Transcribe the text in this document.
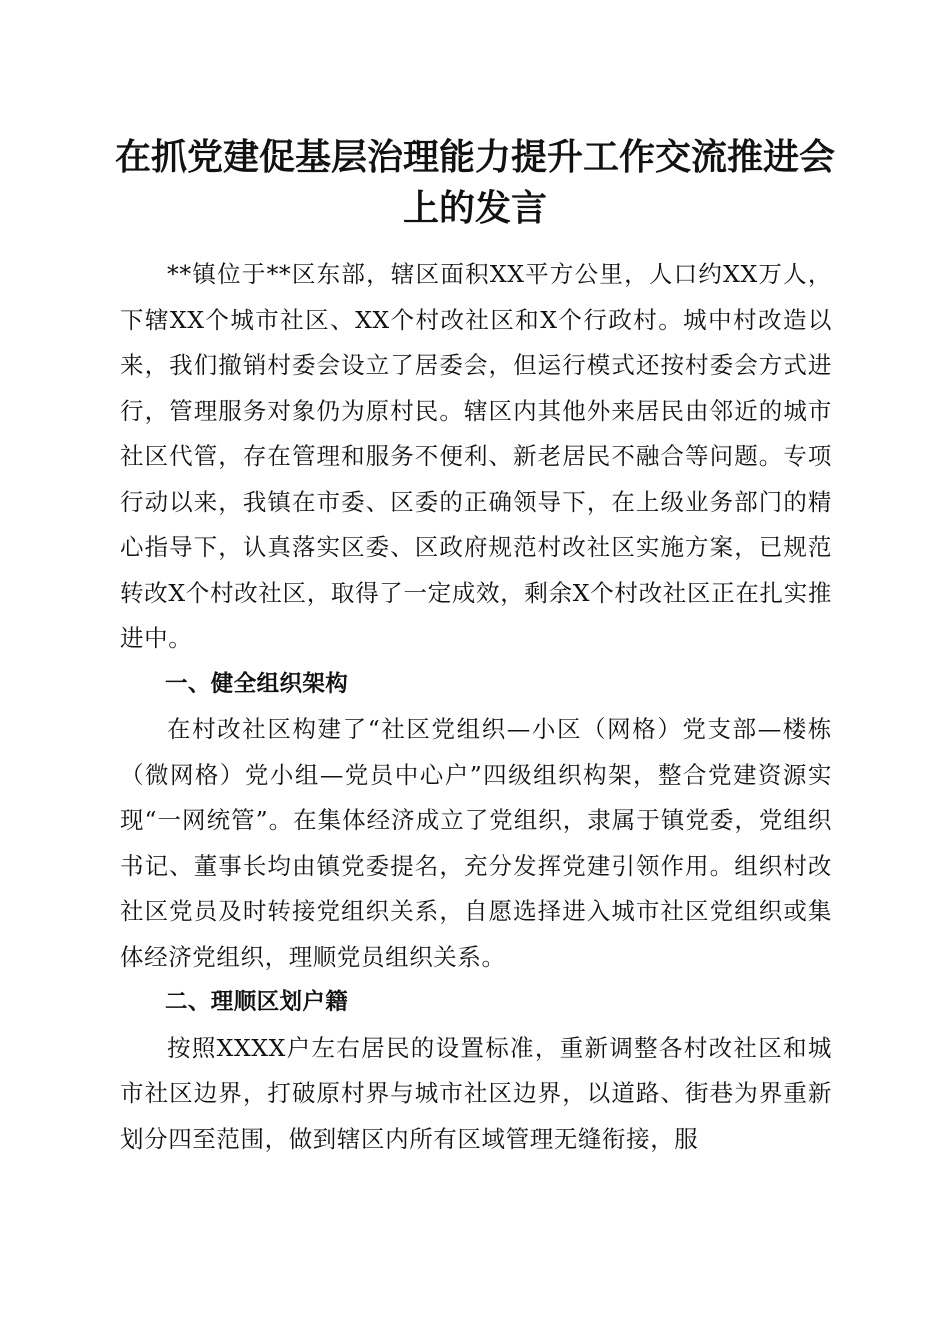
在抓党建促基层治理能力提升工作交流推进会
上的发言

**镇位于**区东部，辖区面积XX平方公里，人口约XX万人，下辖XX个城市社区、XX个村改社区和X个行政村。城中村改造以来，我们撤销村委会设立了居委会，但运行模式还按村委会方式进行，管理服务对象仍为原村民。辖区内其他外来居民由邻近的城市社区代管，存在管理和服务不便利、新老居民不融合等问题。专项行动以来，我镇在市委、区委的正确领导下，在上级业务部门的精心指导下，认真落实区委、区政府规范村改社区实施方案，已规范转改X个村改社区，取得了一定成效，剩余X个村改社区正在扎实推进中。

一、健全组织架构

在村改社区构建了“社区党组织—小区（网格）党支部—楼栋（微网格）党小组—党员中心户”四级组织构架，整合党建资源实现“一网统管”。在集体经济成立了党组织，隶属于镇党委，党组织书记、董事长均由镇党委提名，充分发挥党建引领作用。组织村改社区党员及时转接党组织关系，自愿选择进入城市社区党组织或集体经济党组织，理顺党员组织关系。

二、理顺区划户籍

按照XXXX户左右居民的设置标准，重新调整各村改社区和城市社区边界，打破原村界与城市社区边界，以道路、街巷为界重新划分四至范围，做到辖区内所有区域管理无缝衔接，服
